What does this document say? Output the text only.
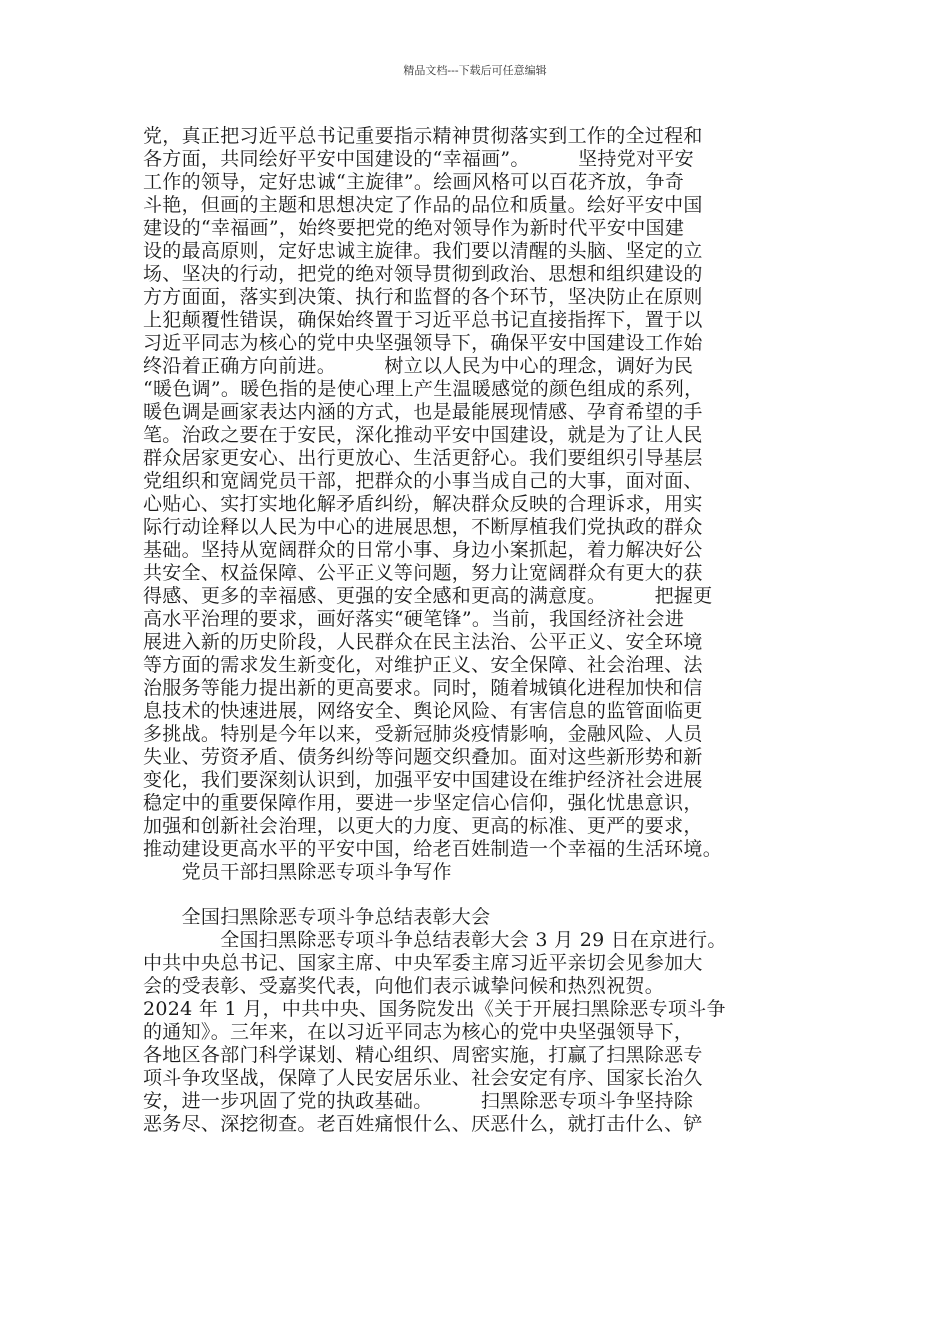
精品文档---下载后可任意编辑
党，真正把习近平总书记重要指示精神贯彻落实到工作的全过程和
各方面，共同绘好平安中国建设的“幸福画”。　　　坚持党对平安
工作的领导，定好忠诚“主旋律”。绘画风格可以百花齐放，争奇
斗艳，但画的主题和思想决定了作品的品位和质量。绘好平安中国
建设的“幸福画”，始终要把党的绝对领导作为新时代平安中国建
设的最高原则，定好忠诚主旋律。我们要以清醒的头脑、坚定的立
场、坚决的行动，把党的绝对领导贯彻到政治、思想和组织建设的
方方面面，落实到决策、执行和监督的各个环节，坚决防止在原则
上犯颠覆性错误，确保始终置于习近平总书记直接指挥下，置于以
习近平同志为核心的党中央坚强领导下，确保平安中国建设工作始
终沿着正确方向前进。　　　树立以人民为中心的理念，调好为民
“暖色调”。暖色指的是使心理上产生温暖感觉的颜色组成的系列，
暖色调是画家表达内涵的方式，也是最能展现情感、孕育希望的手
笔。治政之要在于安民，深化推动平安中国建设，就是为了让人民
群众居家更安心、出行更放心、生活更舒心。我们要组织引导基层
党组织和宽阔党员干部，把群众的小事当成自己的大事，面对面、
心贴心、实打实地化解矛盾纠纷，解决群众反映的合理诉求，用实
际行动诠释以人民为中心的进展思想，不断厚植我们党执政的群众
基础。坚持从宽阔群众的日常小事、身边小案抓起，着力解决好公
共安全、权益保障、公平正义等问题，努力让宽阔群众有更大的获
得感、更多的幸福感、更强的安全感和更高的满意度。　　　把握更
高水平治理的要求，画好落实“硬笔锋”。当前，我国经济社会进
展进入新的历史阶段，人民群众在民主法治、公平正义、安全环境
等方面的需求发生新变化，对维护正义、安全保障、社会治理、法
治服务等能力提出新的更高要求。同时，随着城镇化进程加快和信
息技术的快速进展，网络安全、舆论风险、有害信息的监管面临更
多挑战。特别是今年以来，受新冠肺炎疫情影响，金融风险、人员
失业、劳资矛盾、债务纠纷等问题交织叠加。面对这些新形势和新
变化，我们要深刻认识到，加强平安中国建设在维护经济社会进展
稳定中的重要保障作用，要进一步坚定信心信仰，强化忧患意识，
加强和创新社会治理，以更大的力度、更高的标准、更严的要求，
推动建设更高水平的平安中国，给老百姓制造一个幸福的生活环境。
　　党员干部扫黑除恶专项斗争写作
　　全国扫黑除恶专项斗争总结表彰大会
　　　　全国扫黑除恶专项斗争总结表彰大会 3 月 29 日在京进行。
中共中央总书记、国家主席、中央军委主席习近平亲切会见参加大
会的受表彰、受嘉奖代表，向他们表示诚挚问候和热烈祝贺。
2024 年 1 月，中共中央、国务院发出《关于开展扫黑除恶专项斗争
的通知》。三年来，在以习近平同志为核心的党中央坚强领导下，
各地区各部门科学谋划、精心组织、周密实施，打赢了扫黑除恶专
项斗争攻坚战，保障了人民安居乐业、社会安定有序、国家长治久
安，进一步巩固了党的执政基础。　　　扫黑除恶专项斗争坚持除
恶务尽、深挖彻查。老百姓痛恨什么、厌恶什么，就打击什么、铲
